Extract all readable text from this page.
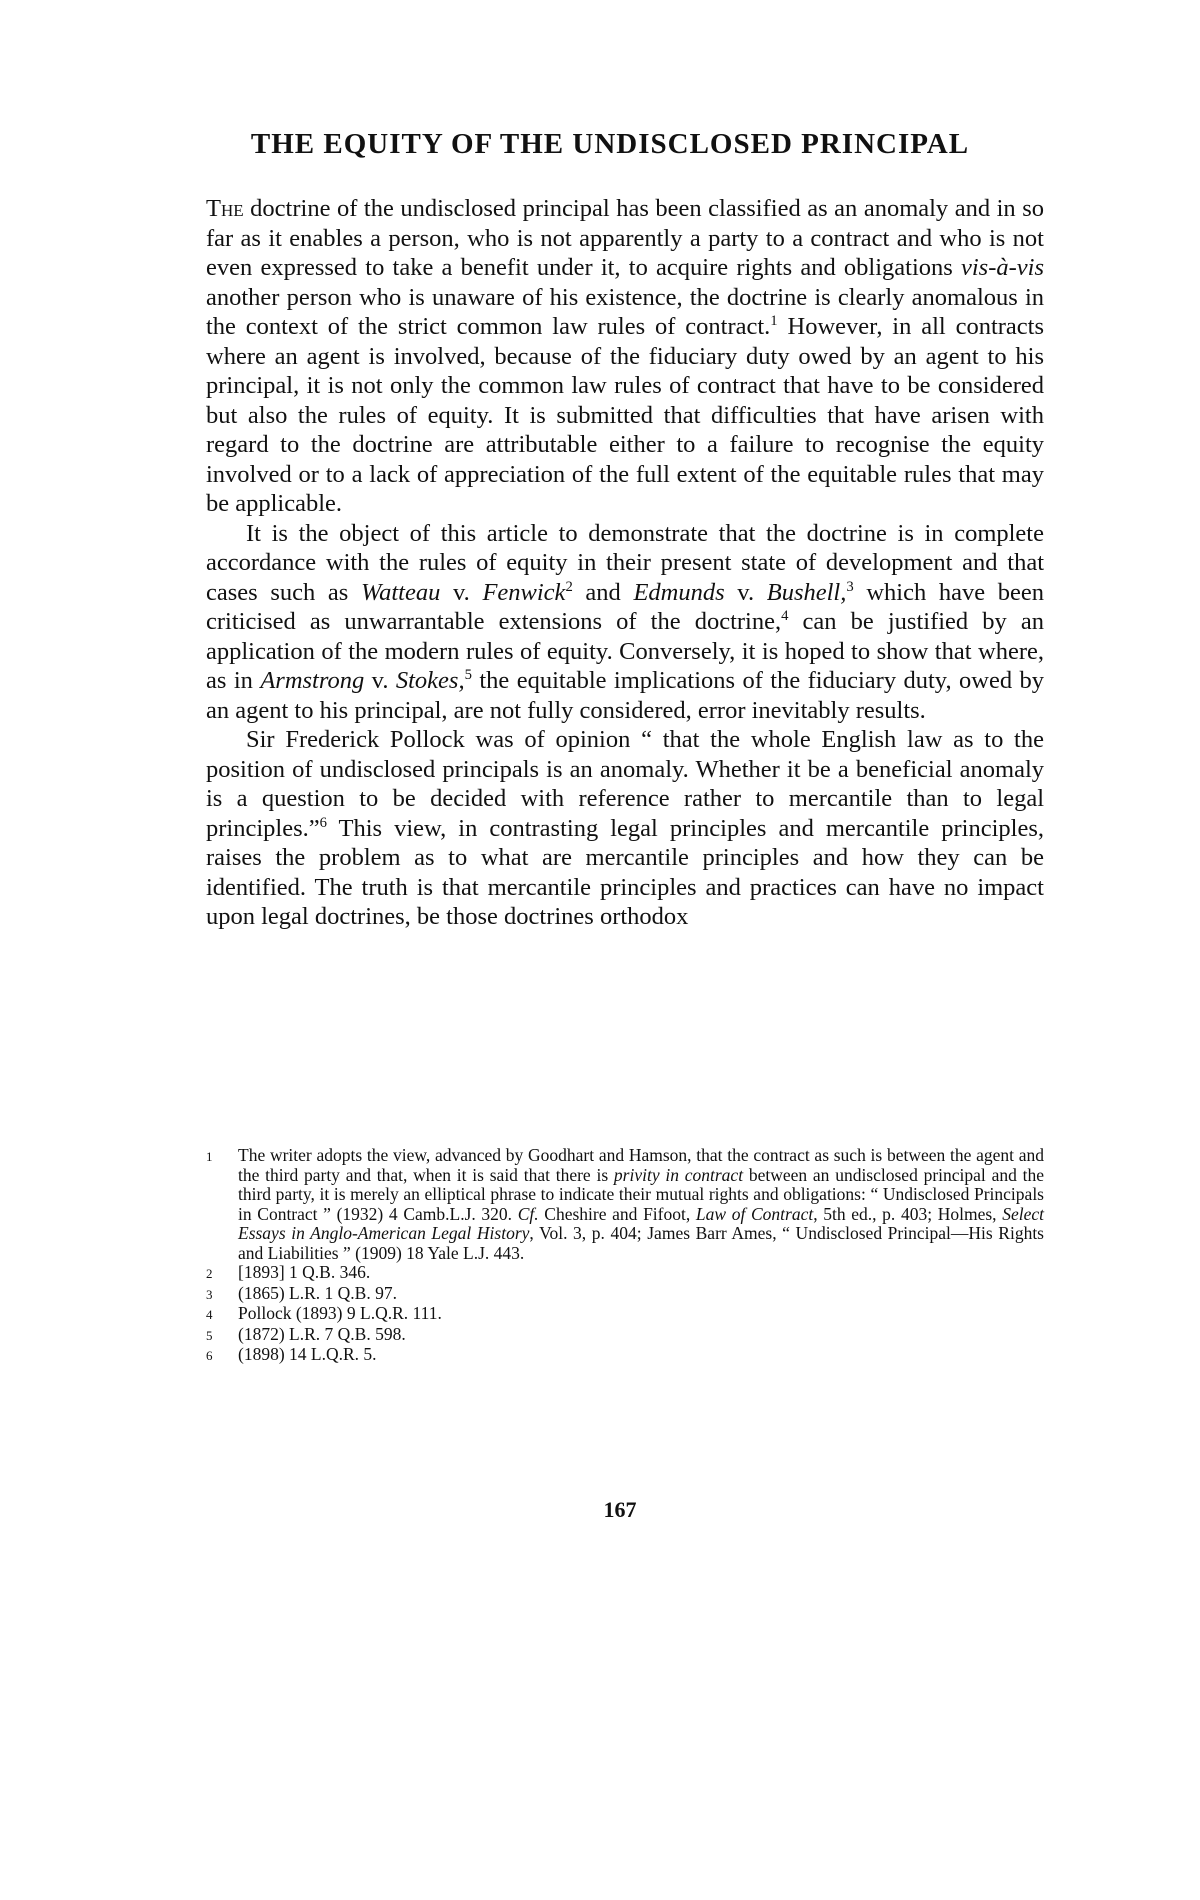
THE EQUITY OF THE UNDISCLOSED PRINCIPAL

The doctrine of the undisclosed principal has been classified as an anomaly and in so far as it enables a person, who is not apparently a party to a contract and who is not even expressed to take a benefit under it, to acquire rights and obligations vis-à-vis another person who is unaware of his existence, the doctrine is clearly anomalous in the context of the strict common law rules of contract.$^1$ However, in all contracts where an agent is involved, because of the fiduciary duty owed by an agent to his principal, it is not only the common law rules of contract that have to be considered but also the rules of equity. It is submitted that difficulties that have arisen with regard to the doctrine are attributable either to a failure to recognise the equity involved or to a lack of appreciation of the full extent of the equitable rules that may be applicable.

It is the object of this article to demonstrate that the doctrine is in complete accordance with the rules of equity in their present state of development and that cases such as Watteau v. Fenwick$^2$ and Edmunds v. Bushell,$^3$ which have been criticised as unwarrantable extensions of the doctrine,$^4$ can be justified by an application of the modern rules of equity. Conversely, it is hoped to show that where, as in Armstrong v. Stokes,$^5$ the equitable implications of the fiduciary duty, owed by an agent to his principal, are not fully considered, error inevitably results.

Sir Frederick Pollock was of opinion “ that the whole English law as to the position of undisclosed principals is an anomaly. Whether it be a beneficial anomaly is a question to be decided with reference rather to mercantile than to legal principles.”$^6$ This view, in contrasting legal principles and mercantile principles, raises the problem as to what are mercantile principles and how they can be identified. The truth is that mercantile principles and practices can have no impact upon legal doctrines, be those doctrines orthodox

1	The writer adopts the view, advanced by Goodhart and Hamson, that the contract as such is between the agent and the third party and that, when it is said that there is privity in contract between an undisclosed principal and the third party, it is merely an elliptical phrase to indicate their mutual rights and obligations: “ Undisclosed Principals in Contract ” (1932) 4 Camb.L.J. 320. Cf. Cheshire and Fifoot, Law of Contract, 5th ed., p. 403; Holmes, Select Essays in Anglo-American Legal History, Vol. 3, p. 404; James Barr Ames, “ Undisclosed Principal—His Rights and Liabilities ” (1909) 18 Yale L.J. 443.
2	[1893] 1 Q.B. 346.
3	(1865) L.R. 1 Q.B. 97.
4	Pollock (1893) 9 L.Q.R. 111.
5	(1872) L.R. 7 Q.B. 598.
6	(1898) 14 L.Q.R. 5.
167
